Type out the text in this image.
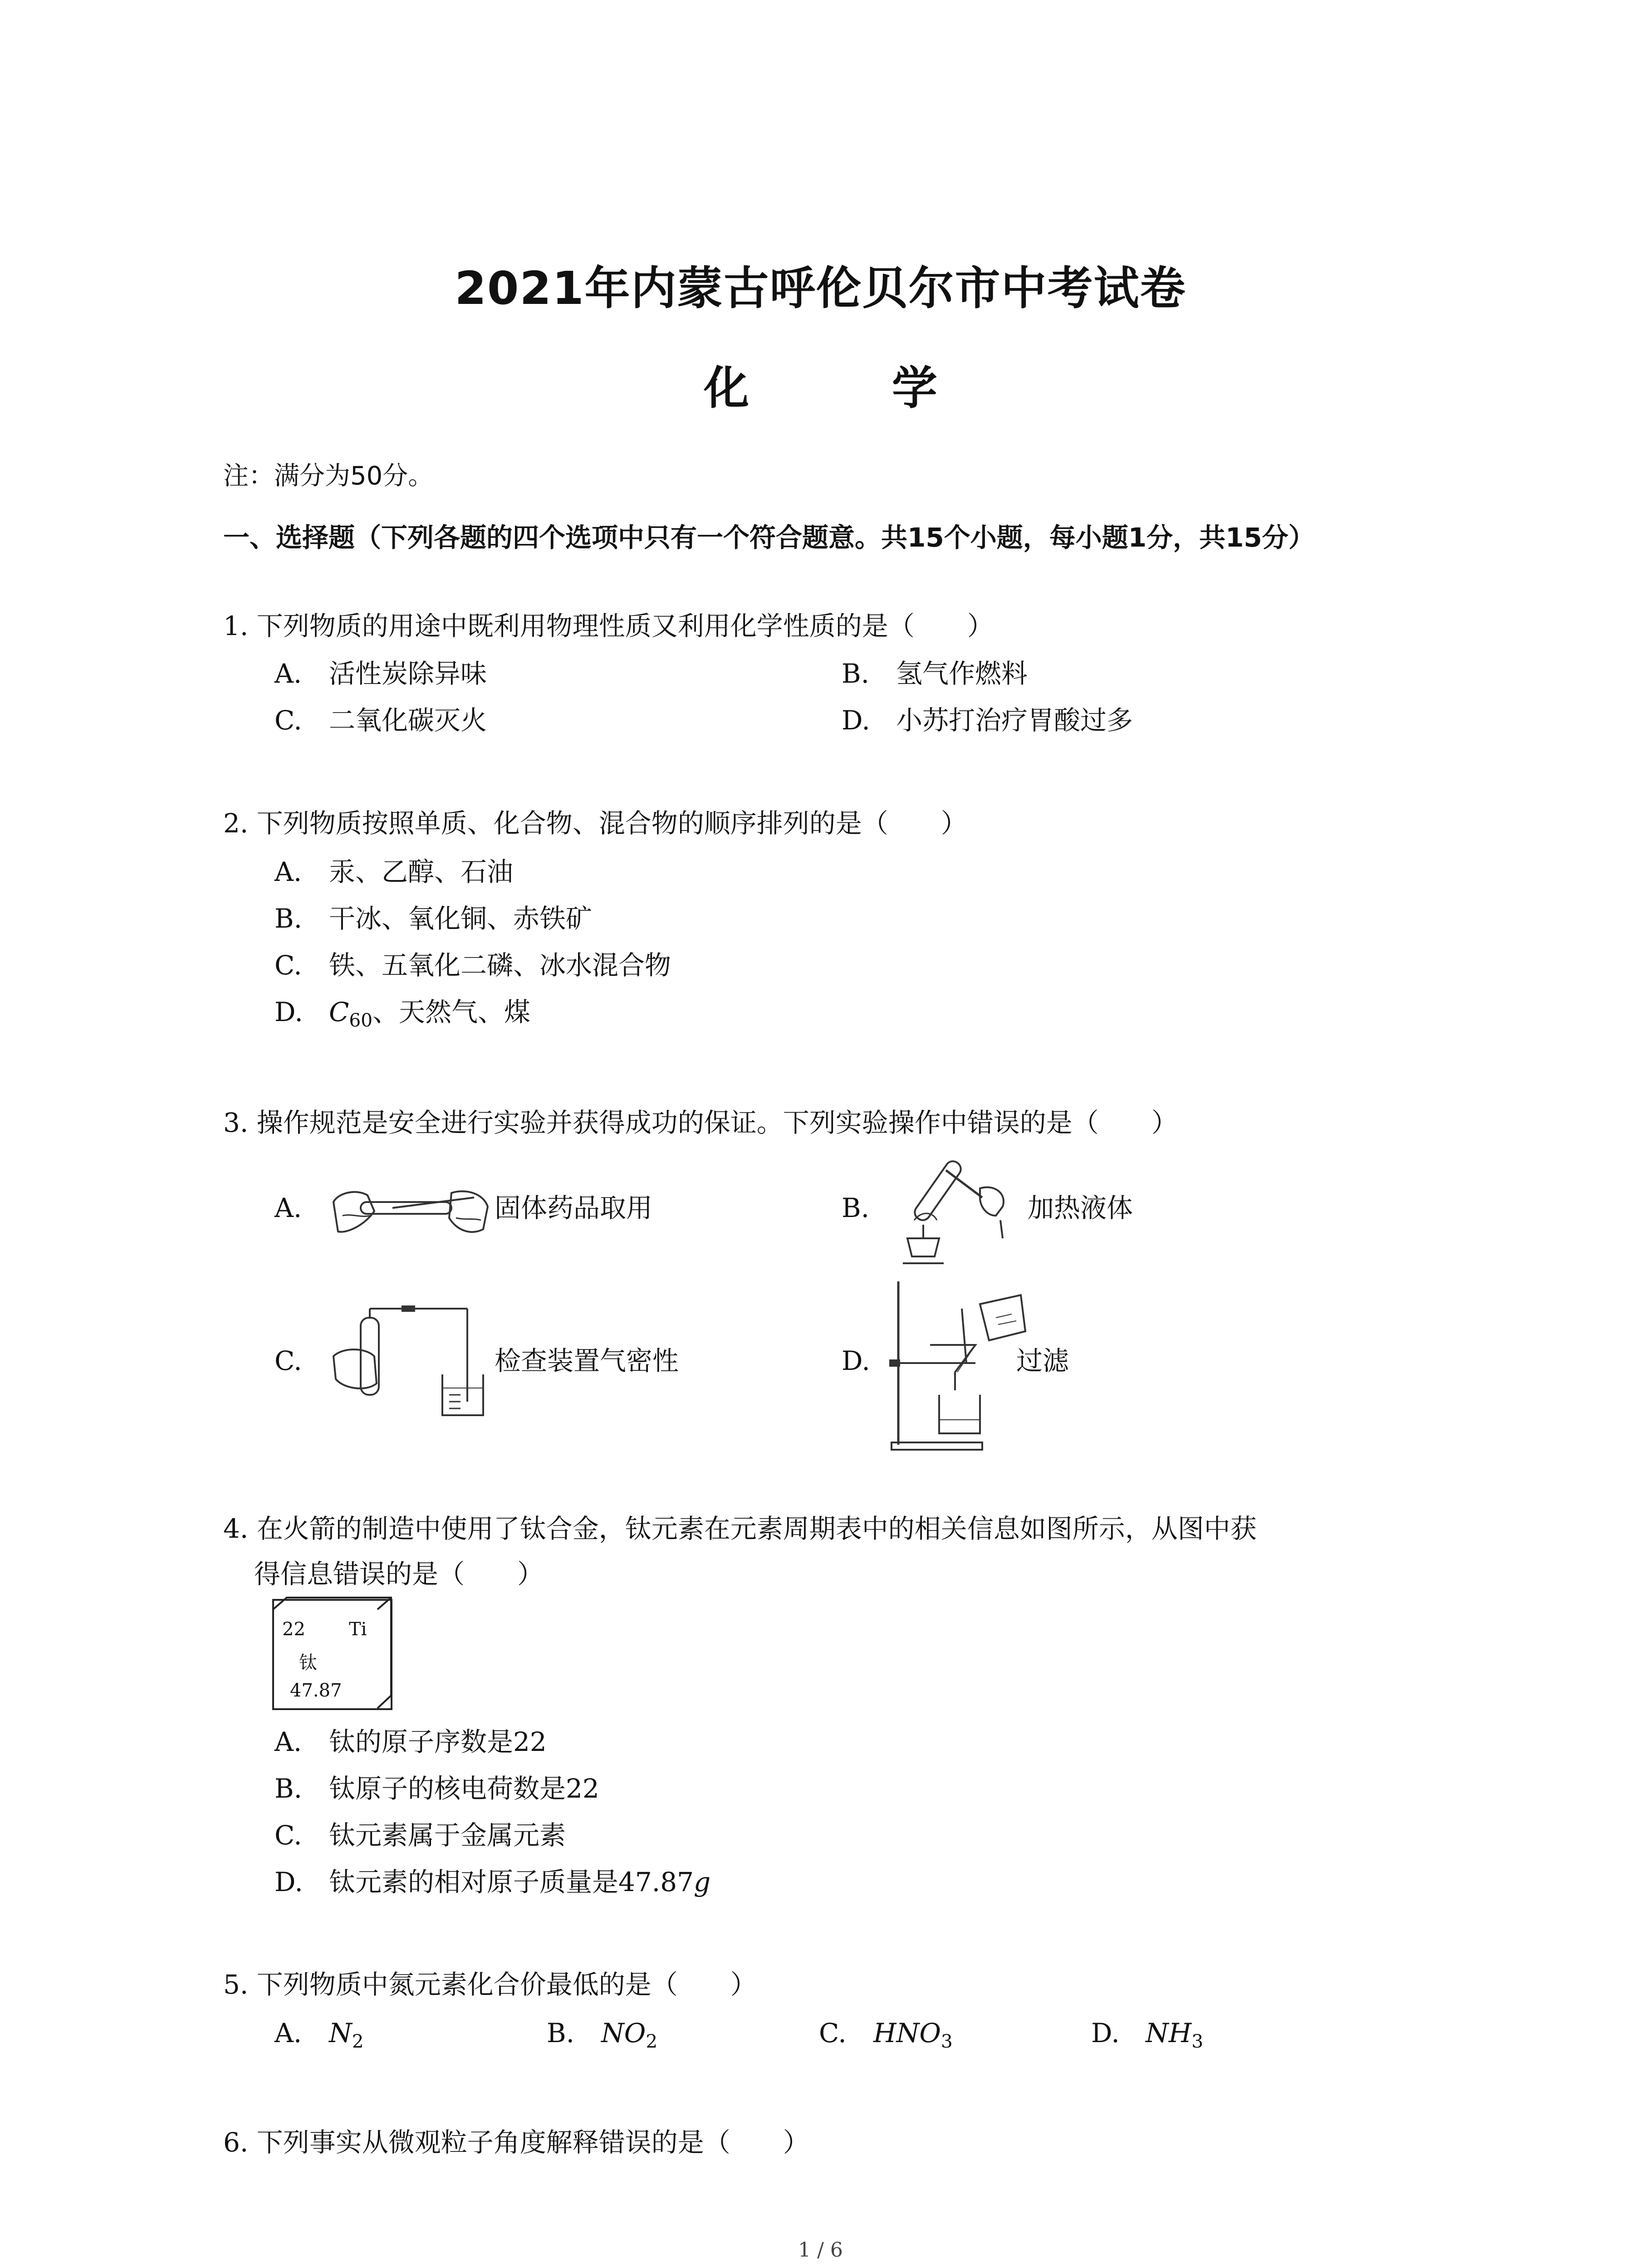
2021年内蒙古呼伦贝尔市中考试卷
化 学
注：满分为50分。
一、选择题（下列各题的四个选项中只有一个符合题意。共15个小题，每小题1分，共15分）
1. 下列物质的用途中既利用物理性质又利用化学性质的是（　　）
A. 活性炭除异味	B. 氢气作燃料
C. 二氧化碳灭火	D. 小苏打治疗胃酸过多
2. 下列物质按照单质、化合物、混合物的顺序排列的是（　　）
A. 汞、乙醇、石油
B. 干冰、氧化铜、赤铁矿
C. 铁、五氧化二磷、冰水混合物
D. $C_{60}$、天然气、煤
3. 操作规范是安全进行实验并获得成功的保证。下列实验操作中错误的是（　　）
A.	固体药品取用	B.	加热液体
C.	检查装置气密性	D.	过滤
4. 在火箭的制造中使用了钛合金，钛元素在元素周期表中的相关信息如图所示，从图中获
得信息错误的是（　　）
22 Ti
钛
47.87
A. 钛的原子序数是22
B. 钛原子的核电荷数是22
C. 钛元素属于金属元素
D. 钛元素的相对原子质量是47.87g
5. 下列物质中氮元素化合价最低的是（　　）
A. $N_2$	B. $NO_2$	C. $HNO_3$	D. $NH_3$
6. 下列事实从微观粒子角度解释错误的是（　　）
1 / 6
